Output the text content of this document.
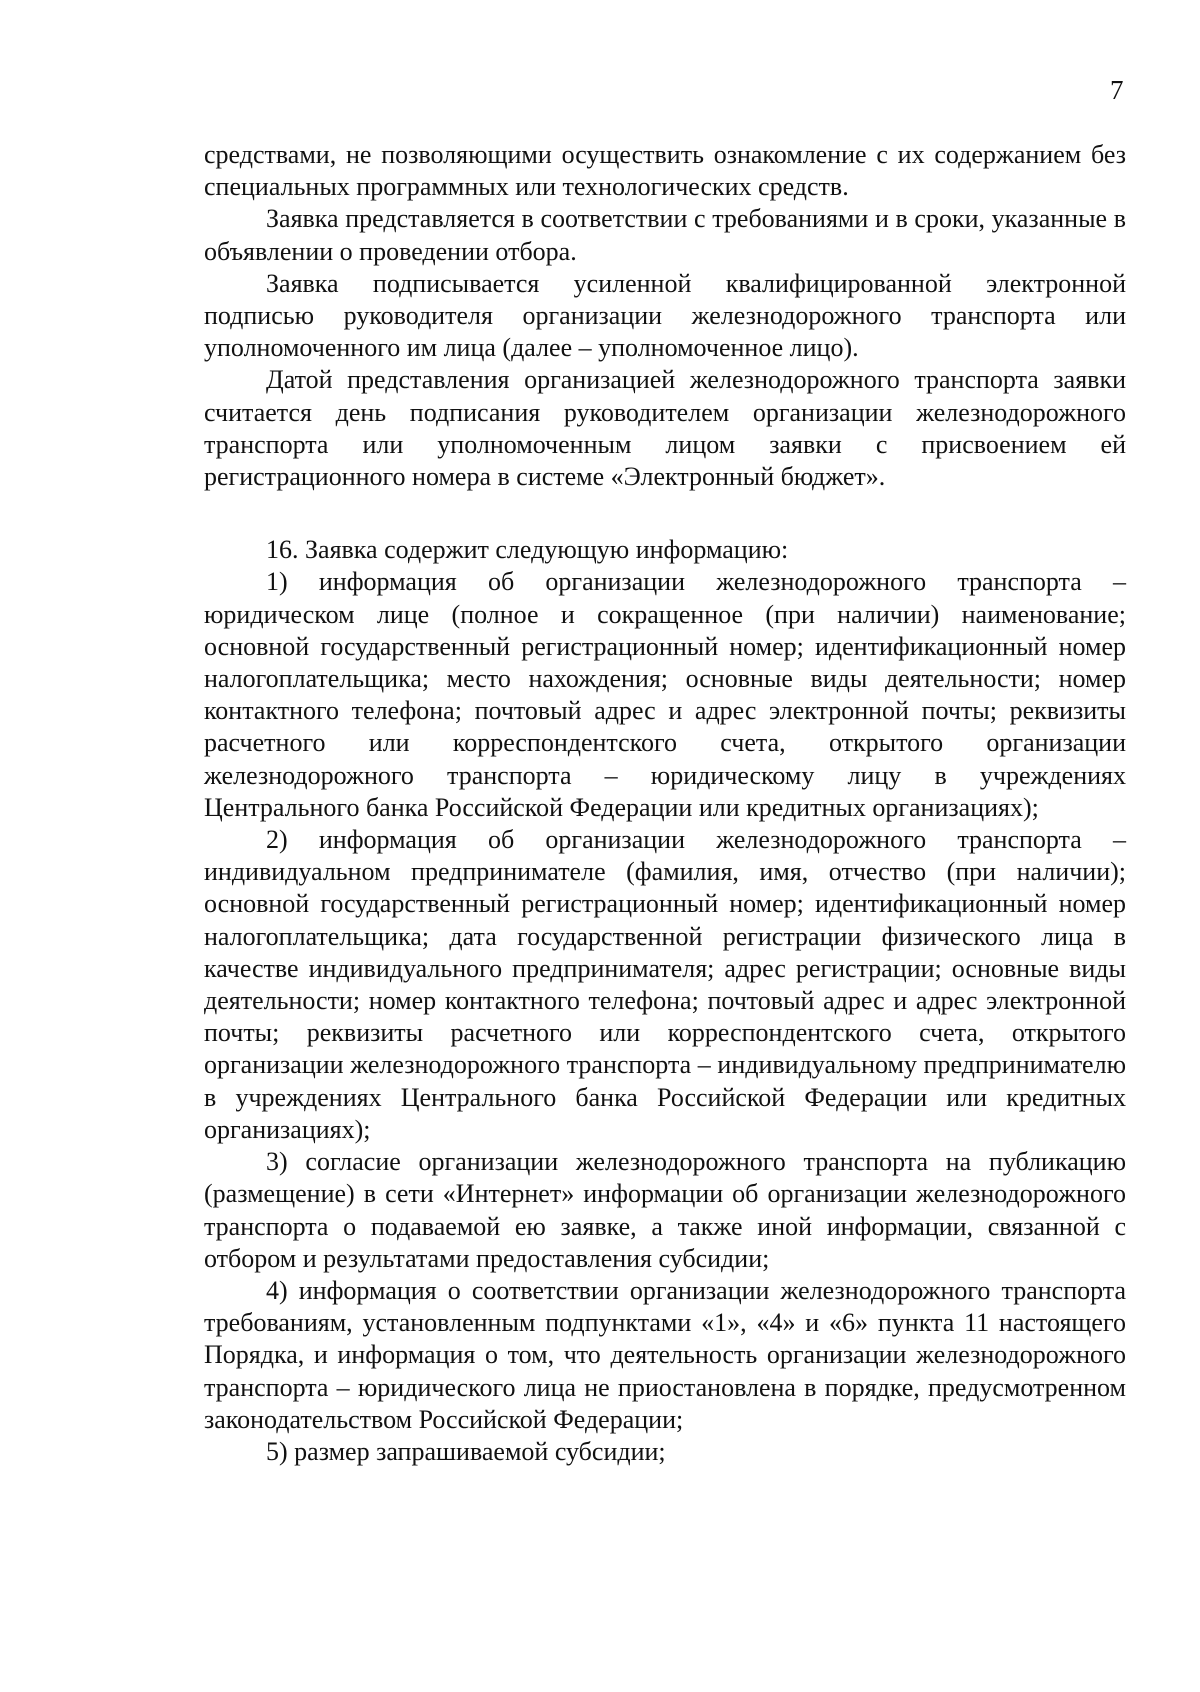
7

средствами, не позволяющими осуществить ознакомление с их содержанием без специальных программных или технологических средств.

Заявка представляется в соответствии с требованиями и в сроки, указанные в объявлении о проведении отбора.

Заявка подписывается усиленной квалифицированной электронной подписью руководителя организации железнодорожного транспорта или уполномоченного им лица (далее – уполномоченное лицо).

Датой представления организацией железнодорожного транспорта заявки считается день подписания руководителем организации железнодорожного транспорта или уполномоченным лицом заявки с присвоением ей регистрационного номера в системе «Электронный бюджет».

16. Заявка содержит следующую информацию:

1) информация об организации железнодорожного транспорта – юридическом лице (полное и сокращенное (при наличии) наименование; основной государственный регистрационный номер; идентификационный номер налогоплательщика; место нахождения; основные виды деятельности; номер контактного телефона; почтовый адрес и адрес электронной почты; реквизиты расчетного или корреспондентского счета, открытого организации железнодорожного транспорта – юридическому лицу в учреждениях Центрального банка Российской Федерации или кредитных организациях);

2) информация об организации железнодорожного транспорта – индивидуальном предпринимателе (фамилия, имя, отчество (при наличии); основной государственный регистрационный номер; идентификационный номер налогоплательщика; дата государственной регистрации физического лица в качестве индивидуального предпринимателя; адрес регистрации; основные виды деятельности; номер контактного телефона; почтовый адрес и адрес электронной почты; реквизиты расчетного или корреспондентского счета, открытого организации железнодорожного транспорта – индивидуальному предпринимателю в учреждениях Центрального банка Российской Федерации или кредитных организациях);

3) согласие организации железнодорожного транспорта на публикацию (размещение) в сети «Интернет» информации об организации железнодорожного транспорта о подаваемой ею заявке, а также иной информации, связанной с отбором и результатами предоставления субсидии;

4) информация о соответствии организации железнодорожного транспорта требованиям, установленным подпунктами «1», «4» и «6» пункта 11 настоящего Порядка, и информация о том, что деятельность организации железнодорожного транспорта – юридического лица не приостановлена в порядке, предусмотренном законодательством Российской Федерации;

5) размер запрашиваемой субсидии;
